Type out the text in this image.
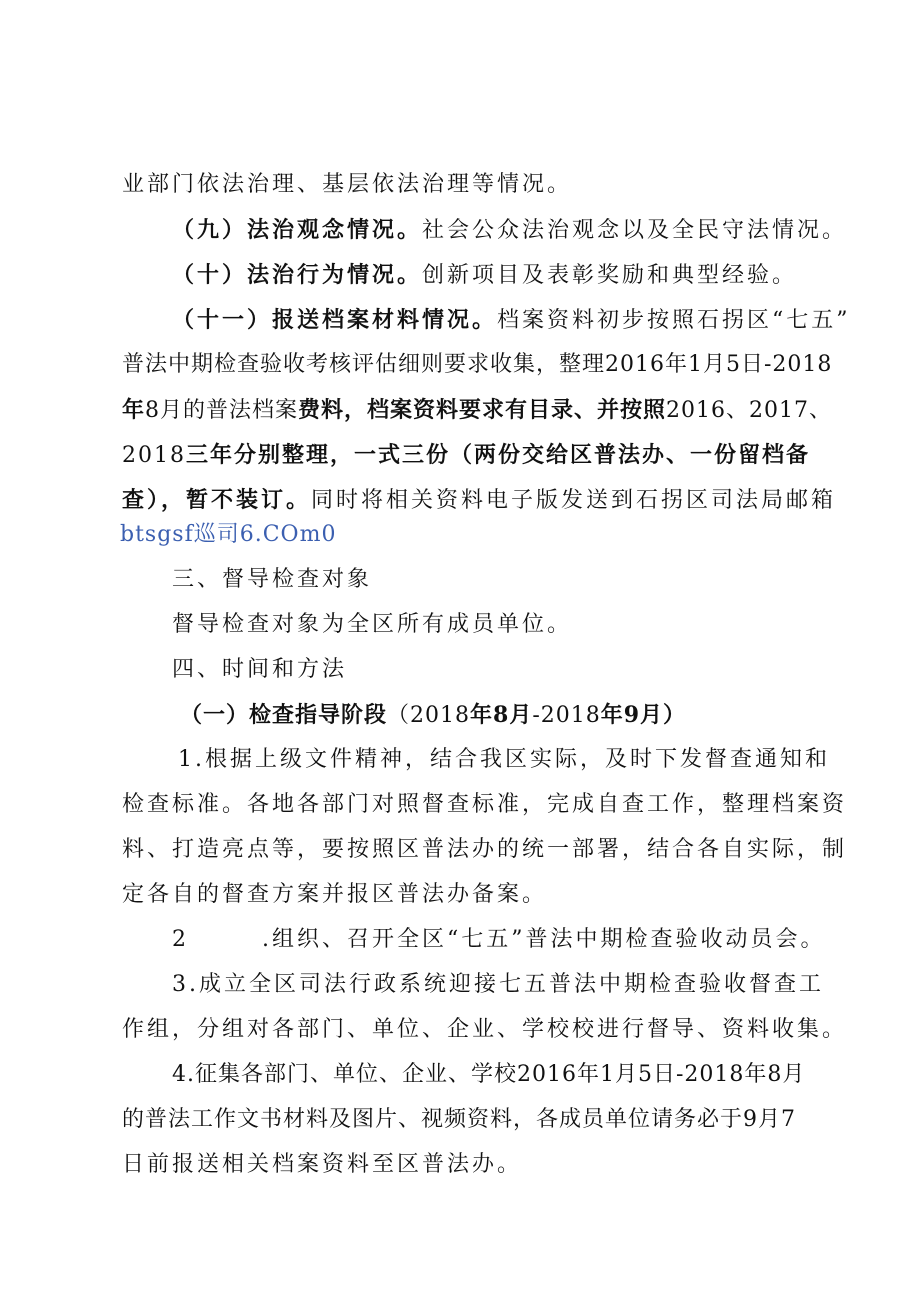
业部门依法治理、基层依法治理等情况。
（九）法治观念情况。社会公众法治观念以及全民守法情况。
（十）法治行为情况。创新项目及表彰奖励和典型经验。
（十一）报送档案材料情况。档案资料初步按照石拐区“七五”
普法中期检查验收考核评估细则要求收集，整理2016年1月5日-2018
年8月的普法档案费料，档案资料要求有目录、并按照2016、2017、
2018三年分别整理，一式三份（两份交给区普法办、一份留档备
查），暂不装订。同时将相关资料电子版发送到石拐区司法局邮箱
btsgsf巡司6.COm0
三、督导检查对象
督导检查对象为全区所有成员单位。
四、时间和方法
（一）检查指导阶段（2018年8月-2018年9月）
1.根据上级文件精神，结合我区实际，及时下发督查通知和
检查标准。各地各部门对照督查标准，完成自查工作，整理档案资
料、打造亮点等，要按照区普法办的统一部署，结合各自实际，制
定各自的督查方案并报区普法办备案。
2	.组织、召开全区“七五”普法中期检查验收动员会。
3.成立全区司法行政系统迎接七五普法中期检查验收督查工
作组，分组对各部门、单位、企业、学校校进行督导、资料收集。
4.征集各部门、单位、企业、学校2016年1月5日-2018年8月
的普法工作文书材料及图片、视频资料，各成员单位请务必于9月7
日前报送相关档案资料至区普法办。
